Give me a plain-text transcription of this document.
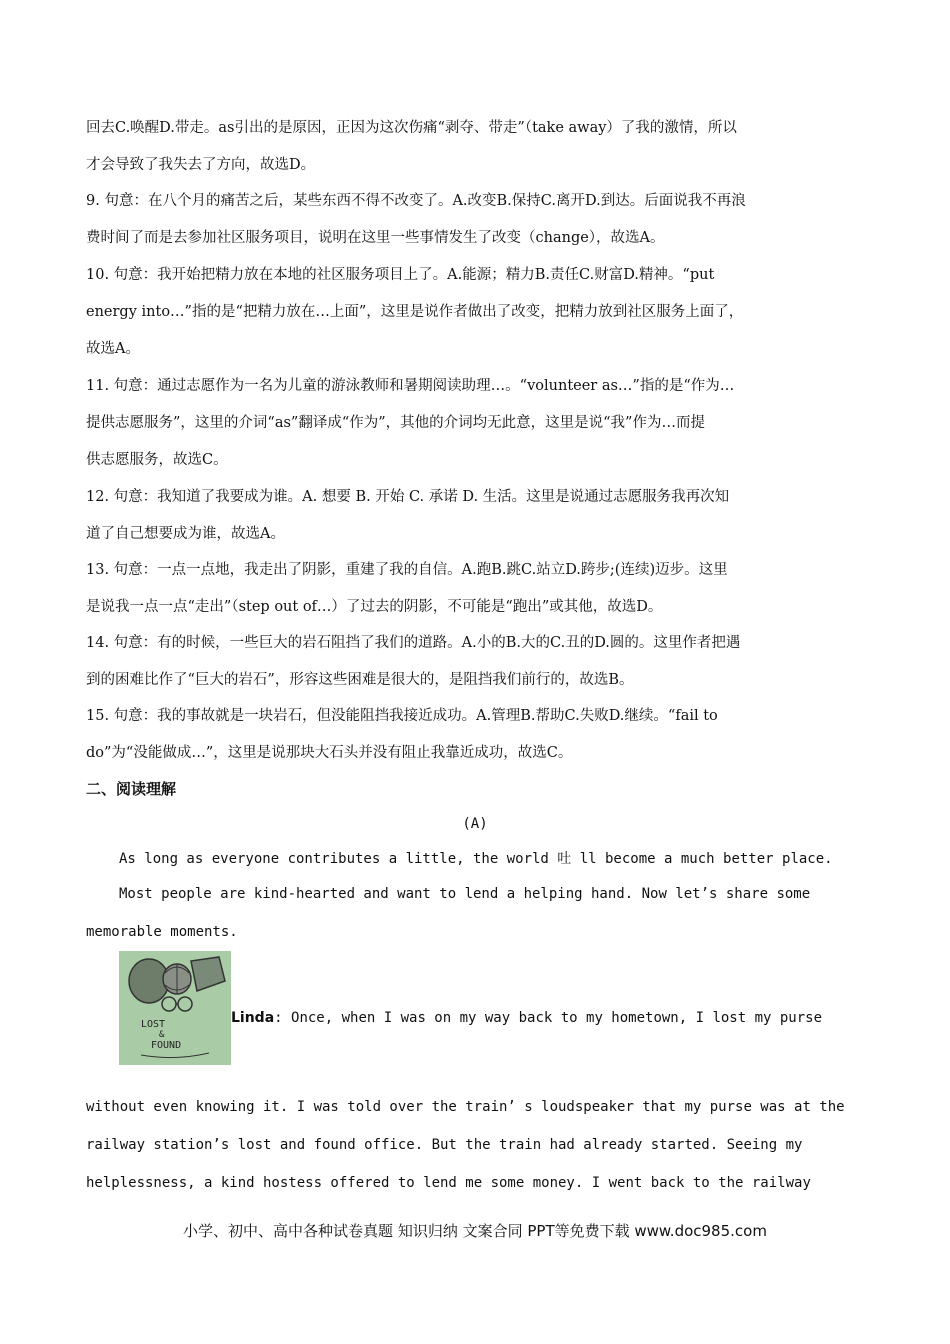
回去C.唤醒D.带走。as引出的是原因，正因为这次伤痛“剥夺、带走”（take away）了我的激情，所以
才会导致了我失去了方向，故选D。
9. 句意：在八个月的痛苦之后，某些东西不得不改变了。A.改变B.保持C.离开D.到达。后面说我不再浪
费时间了而是去参加社区服务项目，说明在这里一些事情发生了改变（change），故选A。
10. 句意：我开始把精力放在本地的社区服务项目上了。A.能源；精力B.责任C.财富D.精神。“put
energy into…”指的是“把精力放在…上面”，这里是说作者做出了改变，把精力放到社区服务上面了，
故选A。
11. 句意：通过志愿作为一名为儿童的游泳教师和暑期阅读助理…。“volunteer as…”指的是“作为…
提供志愿服务”，这里的介词“as”翻译成“作为”，其他的介词均无此意，这里是说“我”作为…而提
供志愿服务，故选C。
12. 句意：我知道了我要成为谁。A. 想要 B. 开始 C. 承诺 D. 生活。这里是说通过志愿服务我再次知
道了自己想要成为谁，故选A。
13. 句意：一点一点地，我走出了阴影，重建了我的自信。A.跑B.跳C.站立D.跨步;(连续)迈步。这里
是说我一点一点“走出”（step out of…）了过去的阴影，不可能是“跑出”或其他，故选D。
14. 句意：有的时候，一些巨大的岩石阻挡了我们的道路。A.小的B.大的C.丑的D.圆的。这里作者把遇
到的困难比作了“巨大的岩石”，形容这些困难是很大的，是阻挡我们前行的，故选B。
15. 句意：我的事故就是一块岩石，但没能阻挡我接近成功。A.管理B.帮助C.失败D.继续。“fail to
do”为“没能做成…”，这里是说那块大石头并没有阻止我靠近成功，故选C。
二、阅读理解
(A)
As long as everyone contributes a little, the world 吐 ll become a much better place.
Most people are kind-hearted and want to lend a helping hand. Now let’s share some
memorable moments.
LOST
&
FOUND
Linda: Once, when I was on my way back to my hometown, I lost my purse
without even knowing it. I was told over the train’ s loudspeaker that my purse was at the
railway station’s lost and found office. But the train had already started. Seeing my
helplessness, a kind hostess offered to lend me some money. I went back to the railway
小学、初中、高中各种试卷真题 知识归纳 文案合同 PPT等免费下载 www.doc985.com
